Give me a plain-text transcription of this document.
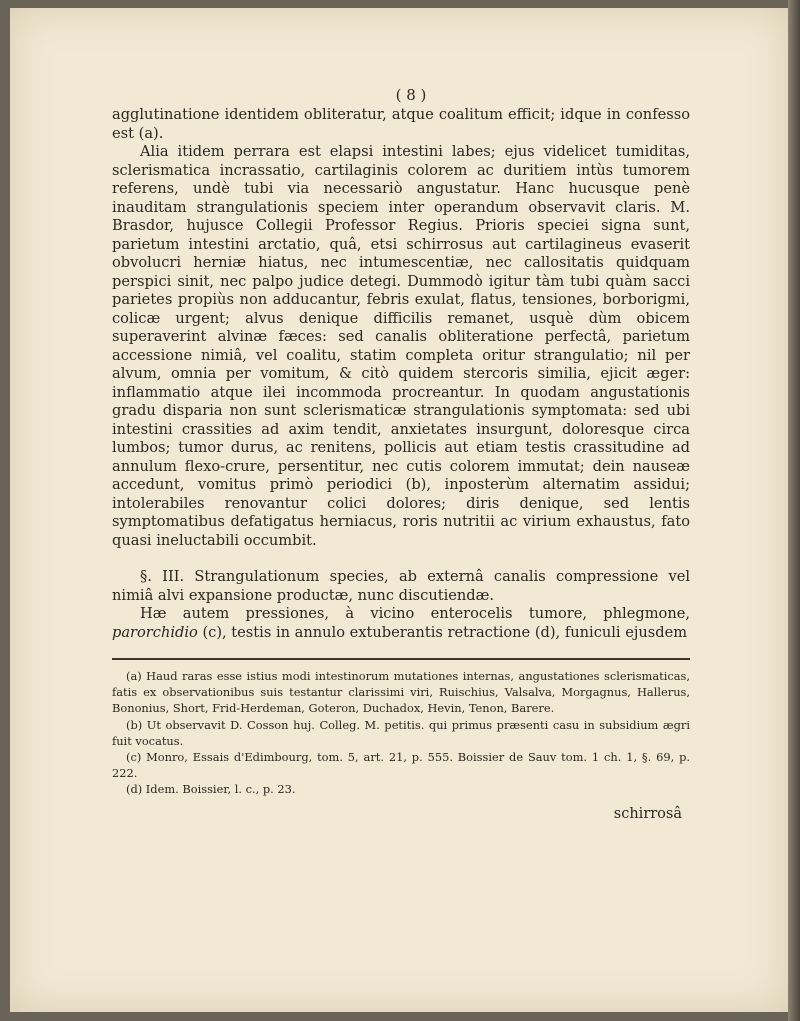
( 8 )

agglutinatione identidem obliteratur, atque coalitum efficit; idque in confesso est (a).

Alia itidem perrara est elapsi intestini labes; ejus videlicet tumiditas, sclerismatica incrassatio, cartilaginis colorem ac duritiem intùs tumorem referens, undè tubi via necessariò angustatur. Hanc hucusque penè inauditam strangulationis speciem inter operandum observavit claris. M. Brasdor, hujusce Collegii Professor Regius. Prioris speciei signa sunt, parietum intestini arctatio, quâ, etsi schirrosus aut cartilagineus evaserit obvolucri herniæ hiatus, nec intumescentiæ, nec callositatis quidquam perspici sinit, nec palpo judice detegi. Dummodò igitur tàm tubi quàm sacci parietes propiùs non adducantur, febris exulat, flatus, tensiones, borborigmi, colicæ urgent; alvus denique difficilis remanet, usquè dùm obicem superaverint alvinæ fæces: sed canalis obliteratione perfectâ, parietum accessione nimiâ, vel coalitu, statim completa oritur strangulatio; nil per alvum, omnia per vomitum, & citò quidem stercoris similia, ejicit æger: inflammatio atque ilei incommoda procreantur. In quodam angustationis gradu disparia non sunt sclerismaticæ strangulationis symptomata: sed ubi intestini crassities ad axim tendit, anxietates insurgunt, doloresque circa lumbos; tumor durus, ac renitens, pollicis aut etiam testis crassitudine ad annulum flexo-crure, persentitur, nec cutis colorem immutat; dein nauseæ accedunt, vomitus primò periodici (b), inposterùm alternatim assidui; intolerabiles renovantur colici dolores; diris denique, sed lentis symptomatibus defatigatus herniacus, roris nutritii ac virium exhaustus, fato quasi ineluctabili occumbit.

§. III. Strangulationum species, ab externâ canalis compressione vel nimiâ alvi expansione productæ, nunc discutiendæ.

Hæ autem pressiones, à vicino enterocelis tumore, phlegmone, parorchidio (c), testis in annulo extuberantis retractione (d), funiculi ejusdem

(a) Haud raras esse istius modi intestinorum mutationes internas, angustationes sclerismaticas, fatis ex observationibus suis testantur clarissimi viri, Ruischius, Valsalva, Morgagnus, Hallerus, Bononius, Short, Frid-Herdeman, Goteron, Duchadox, Hevin, Tenon, Barere.

(b) Ut observavit D. Cosson huj. Colleg. M. petitis. qui primus præsenti casu in subsidium ægri fuit vocatus.

(c) Monro, Essais d'Edimbourg, tom. 5, art. 21, p. 555. Boissier de Sauv tom. 1 ch. 1, §. 69, p. 222.

(d) Idem. Boissier, l. c., p. 23.

schirrosâ
